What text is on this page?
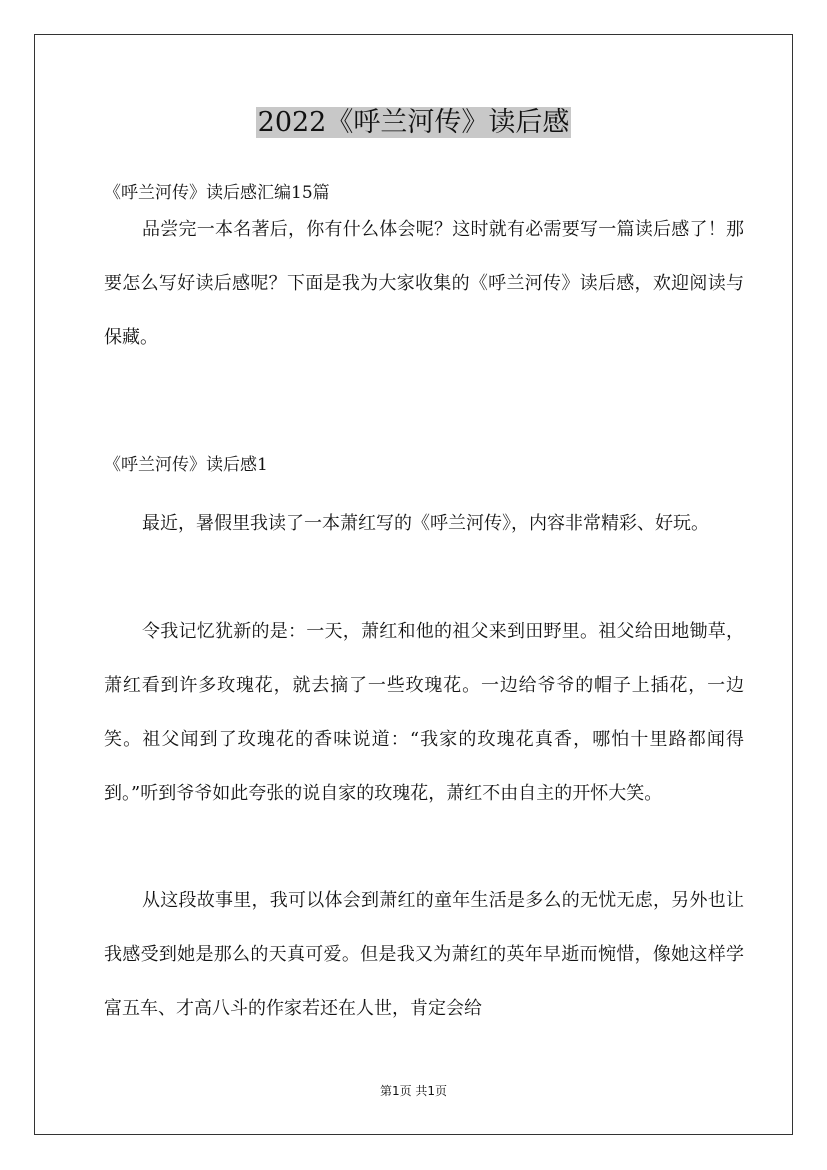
2022《呼兰河传》读后感
《呼兰河传》读后感汇编15篇

品尝完一本名著后，你有什么体会呢？这时就有必需要写一篇读后感了！那要怎么写好读后感呢？下面是我为大家收集的《呼兰河传》读后感，欢迎阅读与保藏。

《呼兰河传》读后感1

最近，暑假里我读了一本萧红写的《呼兰河传》，内容非常精彩、好玩。

令我记忆犹新的是：一天，萧红和他的祖父来到田野里。祖父给田地锄草，萧红看到许多玫瑰花，就去摘了一些玫瑰花。一边给爷爷的帽子上插花，一边笑。祖父闻到了玫瑰花的香味说道：“我家的玫瑰花真香，哪怕十里路都闻得到。”听到爷爷如此夸张的说自家的玫瑰花，萧红不由自主的开怀大笑。

从这段故事里，我可以体会到萧红的童年生活是多么的无忧无虑，另外也让我感受到她是那么的天真可爱。但是我又为萧红的英年早逝而惋惜，像她这样学富五车、才高八斗的作家若还在人世，肯定会给

第1页 共1页
